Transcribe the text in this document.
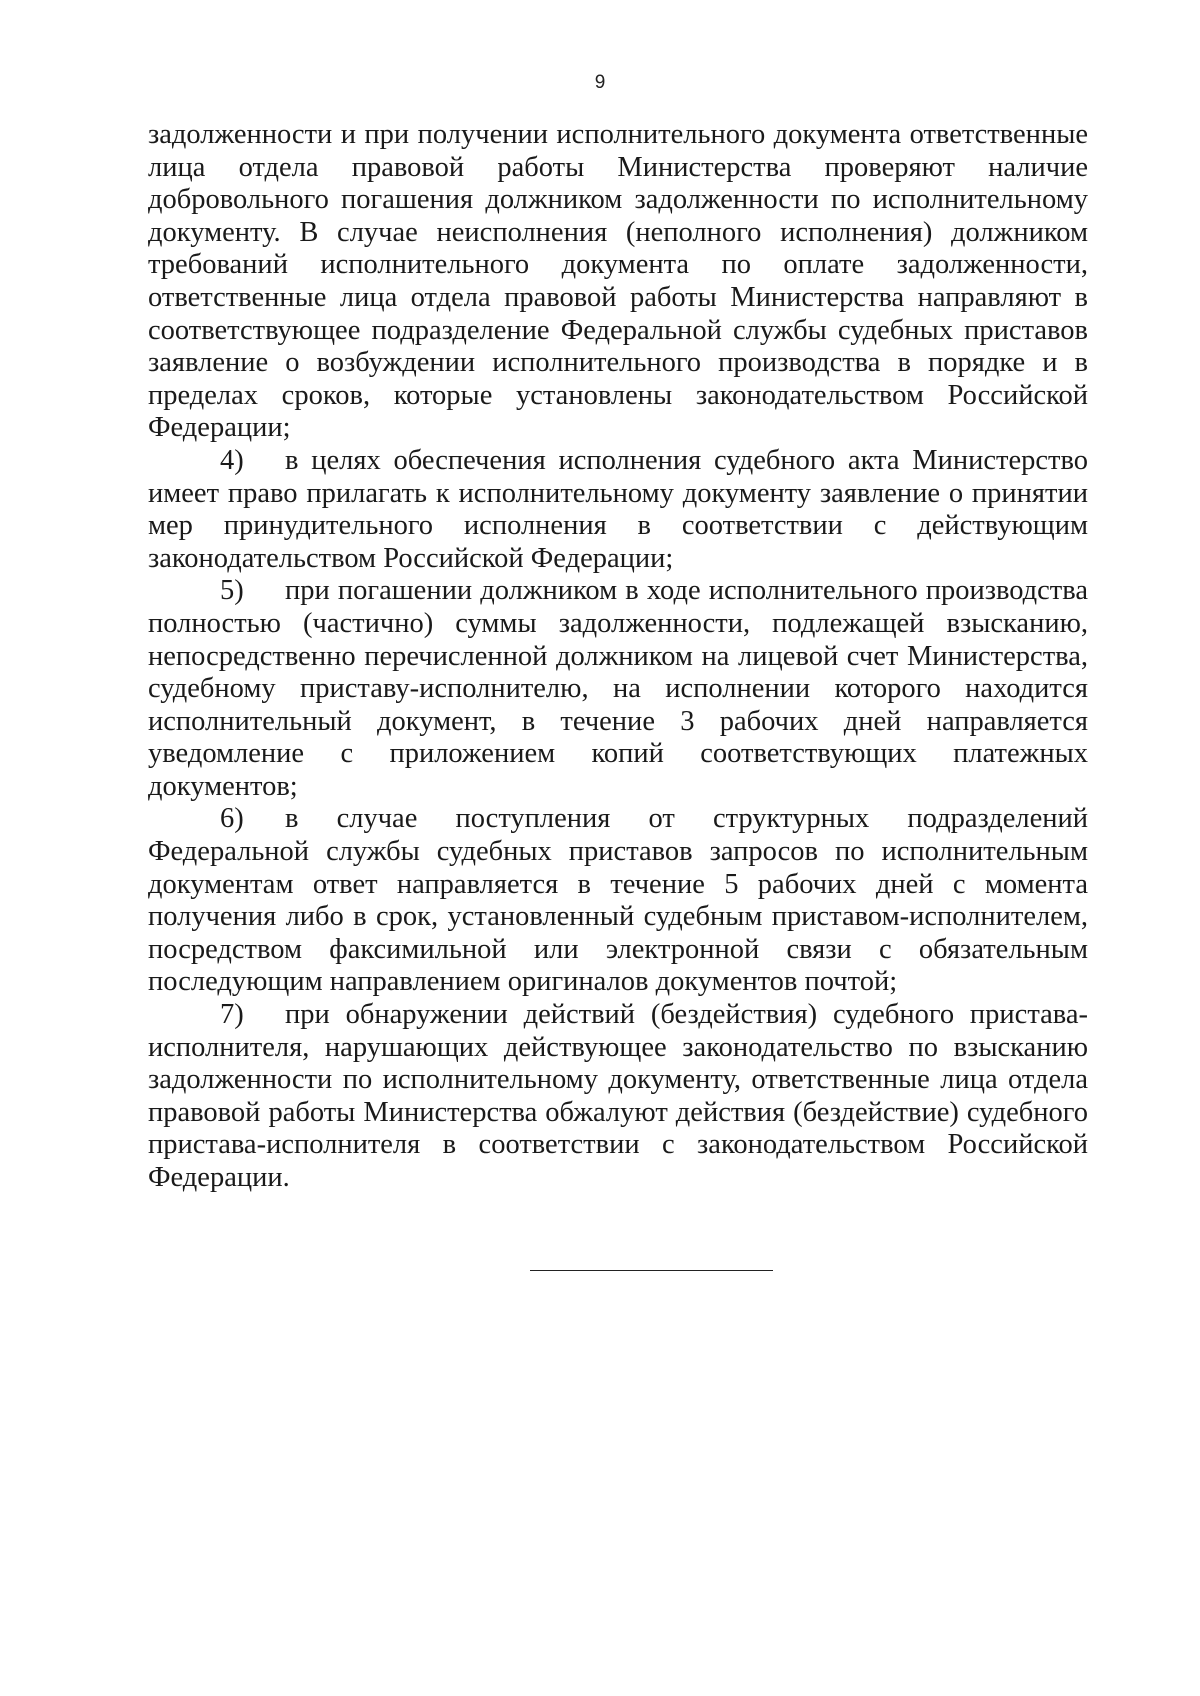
9

задолженности и при получении исполнительного документа ответственные лица отдела правовой работы Министерства проверяют наличие добровольного погашения должником задолженности по исполнительному документу. В случае неисполнения (неполного исполнения) должником требований исполнительного документа по оплате задолженности, ответственные лица отдела правовой работы Министерства направляют в соответствующее подразделение Федеральной службы судебных приставов заявление о возбуждении исполнительного производства в порядке и в пределах сроков, которые установлены законодательством Российской Федерации;

4) в целях обеспечения исполнения судебного акта Министерство имеет право прилагать к исполнительному документу заявление о принятии мер принудительного исполнения в соответствии с действующим законодательством Российской Федерации;

5) при погашении должником в ходе исполнительного производства полностью (частично) суммы задолженности, подлежащей взысканию, непосредственно перечисленной должником на лицевой счет Министерства, судебному приставу-исполнителю, на исполнении которого находится исполнительный документ, в течение 3 рабочих дней направляется уведомление с приложением копий соответствующих платежных документов;

6) в случае поступления от структурных подразделений Федеральной службы судебных приставов запросов по исполнительным документам ответ направляется в течение 5 рабочих дней с момента получения либо в срок, установленный судебным приставом-исполнителем, посредством факсимильной или электронной связи с обязательным последующим направлением оригиналов документов почтой;

7) при обнаружении действий (бездействия) судебного пристава-исполнителя, нарушающих действующее законодательство по взысканию задолженности по исполнительному документу, ответственные лица отдела правовой работы Министерства обжалуют действия (бездействие) судебного пристава-исполнителя в соответствии с законодательством Российской Федерации.
